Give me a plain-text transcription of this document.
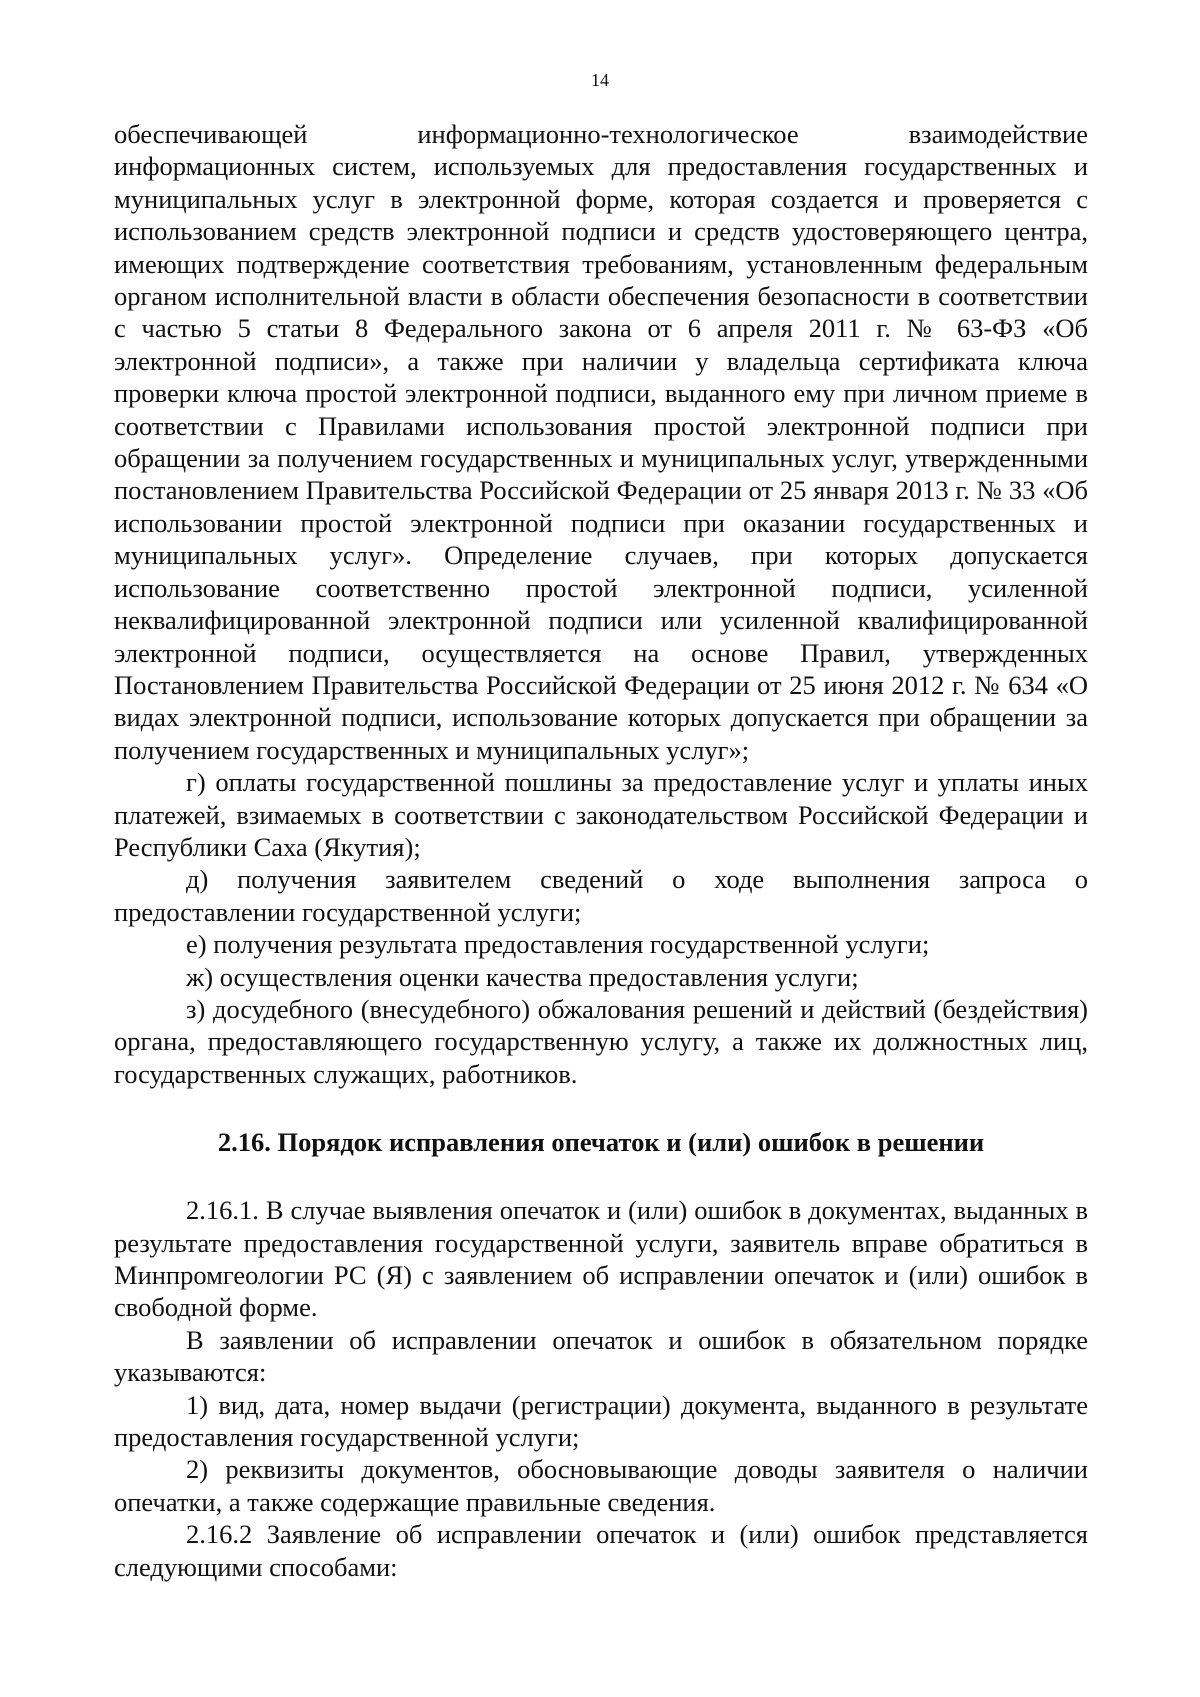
14

обеспечивающей информационно-технологическое взаимодействие информационных систем, используемых для предоставления государственных и муниципальных услуг в электронной форме, которая создается и проверяется с использованием средств электронной подписи и средств удостоверяющего центра, имеющих подтверждение соответствия требованиям, установленным федеральным органом исполнительной власти в области обеспечения безопасности в соответствии с частью 5 статьи 8 Федерального закона от 6 апреля 2011 г. № 63-ФЗ «Об электронной подписи», а также при наличии у владельца сертификата ключа проверки ключа простой электронной подписи, выданного ему при личном приеме в соответствии с Правилами использования простой электронной подписи при обращении за получением государственных и муниципальных услуг, утвержденными постановлением Правительства Российской Федерации от 25 января 2013 г. № 33 «Об использовании простой электронной подписи при оказании государственных и муниципальных услуг». Определение случаев, при которых допускается использование соответственно простой электронной подписи, усиленной неквалифицированной электронной подписи или усиленной квалифицированной электронной подписи, осуществляется на основе Правил, утвержденных Постановлением Правительства Российской Федерации от 25 июня 2012 г. № 634 «О видах электронной подписи, использование которых допускается при обращении за получением государственных и муниципальных услуг»;

г) оплаты государственной пошлины за предоставление услуг и уплаты иных платежей, взимаемых в соответствии с законодательством Российской Федерации и Республики Саха (Якутия);

д) получения заявителем сведений о ходе выполнения запроса о предоставлении государственной услуги;

е) получения результата предоставления государственной услуги;

ж) осуществления оценки качества предоставления услуги;

з) досудебного (внесудебного) обжалования решений и действий (бездействия) органа, предоставляющего государственную услугу, а также их должностных лиц, государственных служащих, работников.

2.16. Порядок исправления опечаток и (или) ошибок в решении

2.16.1. В случае выявления опечаток и (или) ошибок в документах, выданных в результате предоставления государственной услуги, заявитель вправе обратиться в Минпромгеологии РС (Я) с заявлением об исправлении опечаток и (или) ошибок в свободной форме.

В заявлении об исправлении опечаток и ошибок в обязательном порядке указываются:

1) вид, дата, номер выдачи (регистрации) документа, выданного в результате предоставления государственной услуги;

2) реквизиты документов, обосновывающие доводы заявителя о наличии опечатки, а также содержащие правильные сведения.

2.16.2 Заявление об исправлении опечаток и (или) ошибок представляется следующими способами:
